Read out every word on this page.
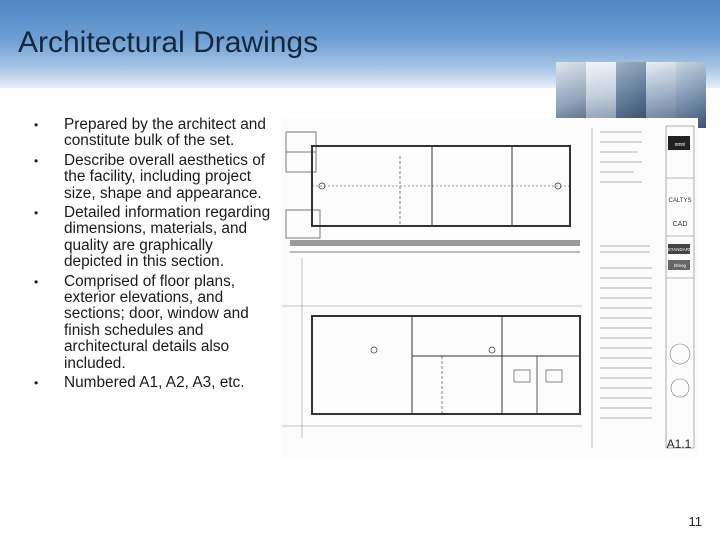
Architectural Drawings
• Prepared by the architect and constitute bulk of the set.
• Describe overall aesthetics of the facility, including project size, shape and appearance.
• Detailed information regarding dimensions, materials, and quality are graphically depicted in this section.
• Comprised of floor plans, exterior elevations, and sections; door, window and finish schedules and architectural details also included.
• Numbered A1, A2, A3, etc.
CAD
omni
CALTYS
STANDARD
titleog
A1.1
11
